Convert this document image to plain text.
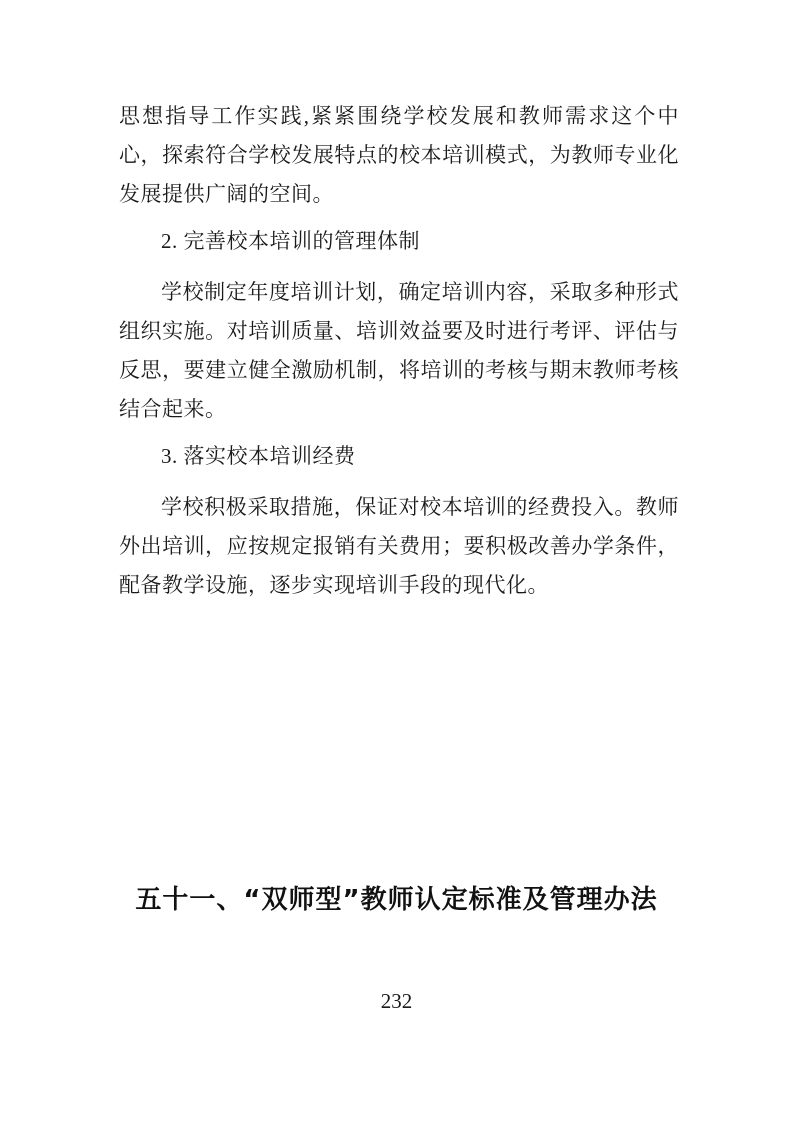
思想指导工作实践,紧紧围绕学校发展和教师需求这个中心，探索符合学校发展特点的校本培训模式，为教师专业化发展提供广阔的空间。

2. 完善校本培训的管理体制

学校制定年度培训计划，确定培训内容，采取多种形式组织实施。对培训质量、培训效益要及时进行考评、评估与反思，要建立健全激励机制，将培训的考核与期末教师考核结合起来。

3. 落实校本培训经费

学校积极采取措施，保证对校本培训的经费投入。教师外出培训，应按规定报销有关费用；要积极改善办学条件，配备教学设施，逐步实现培训手段的现代化。

五十一、“双师型”教师认定标准及管理办法
232
